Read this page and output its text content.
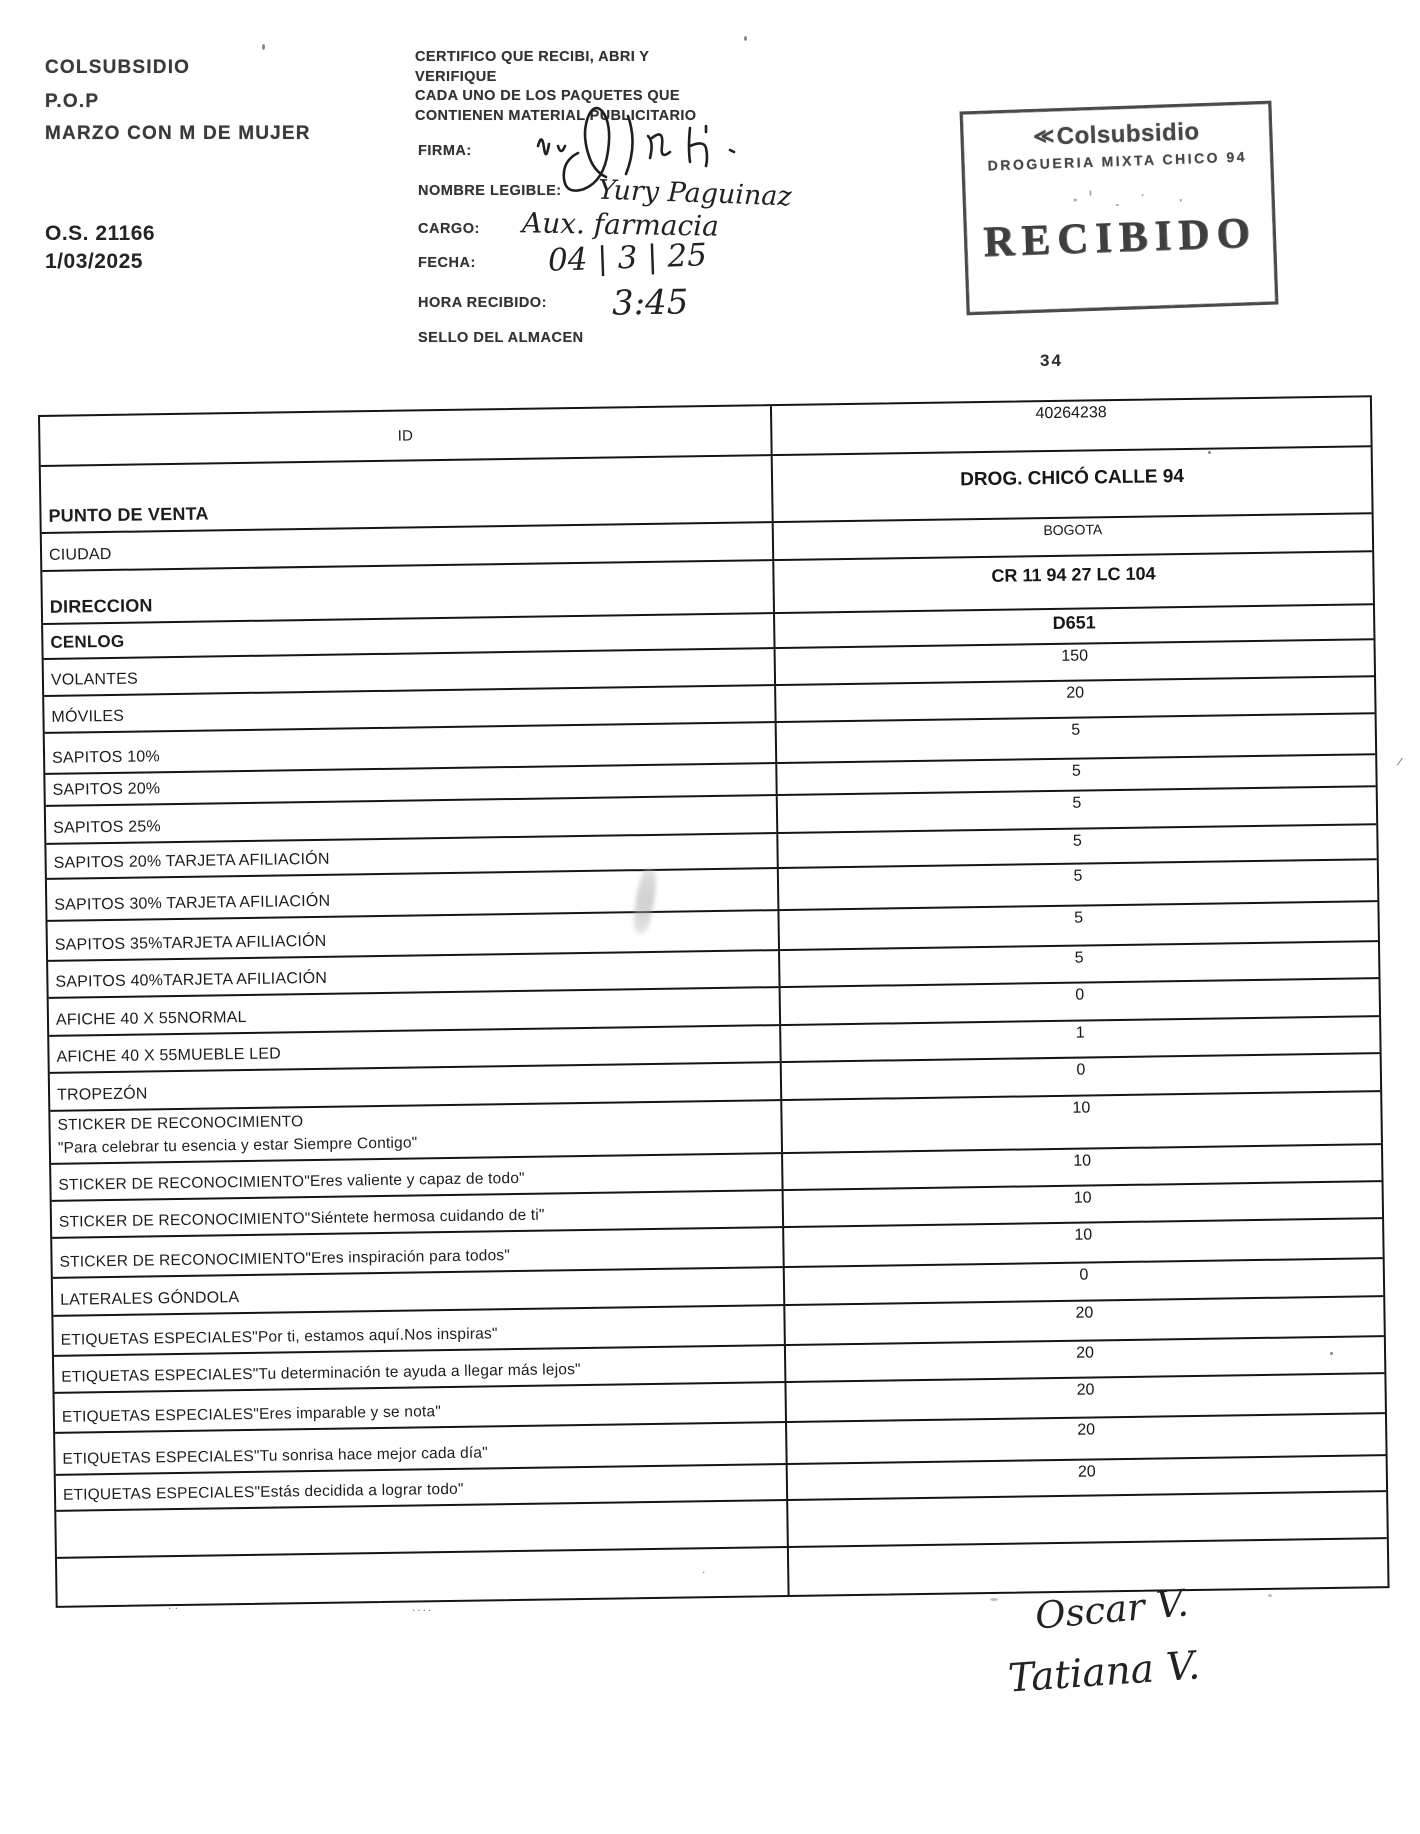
COLSUBSIDIO
P.O.P
MARZO CON M DE MUJER
O.S. 21166
1/03/2025
CERTIFICO QUE RECIBI, ABRI Y
VERIFIQUE
CADA UNO DE LOS PAQUETES QUE
CONTIENEN MATERIAL PUBLICITARIO
FIRMA:
NOMBRE LEGIBLE:
CARGO:
FECHA:
HORA RECIBIDO:
SELLO DEL ALMACEN
Yury Paguinaz
Aux. farmacia
04 | 3 | 25
3:45
≪Colsubsidio
DROGUERIA MIXTA CHICO 94
RECIBIDO
34
ID
40264238
PUNTO DE VENTA
DROG. CHICÓ CALLE 94
CIUDAD
BOGOTA
DIRECCION
CR 11 94 27 LC 104
CENLOG
D651
VOLANTES
150
MÓVILES
20
SAPITOS 10%
5
SAPITOS 20%
5
SAPITOS 25%
5
SAPITOS 20% TARJETA AFILIACIÓN
5
SAPITOS 30% TARJETA AFILIACIÓN
5
SAPITOS 35%TARJETA AFILIACIÓN
5
SAPITOS 40%TARJETA AFILIACIÓN
5
AFICHE 40 X 55NORMAL
0
AFICHE 40 X 55MUEBLE LED
1
TROPEZÓN
0
STICKER DE RECONOCIMIENTO
"Para celebrar tu esencia y estar Siempre Contigo"
10
STICKER DE RECONOCIMIENTO"Eres valiente y capaz de todo"
10
STICKER DE RECONOCIMIENTO"Siéntete hermosa cuidando de ti"
10
STICKER DE RECONOCIMIENTO"Eres inspiración para todos"
10
LATERALES GÓNDOLA
0
ETIQUETAS ESPECIALES"Por ti, estamos aquí.Nos inspiras"
20
ETIQUETAS ESPECIALES"Tu determinación te ayuda a llegar más lejos"
20
ETIQUETAS ESPECIALES"Eres imparable y se nota"
20
ETIQUETAS ESPECIALES"Tu sonrisa hace mejor cada día"
20
ETIQUETAS ESPECIALES"Estás decidida a lograr todo"
20
Oscar V.
Tatiana V.
/
....
. .
.
